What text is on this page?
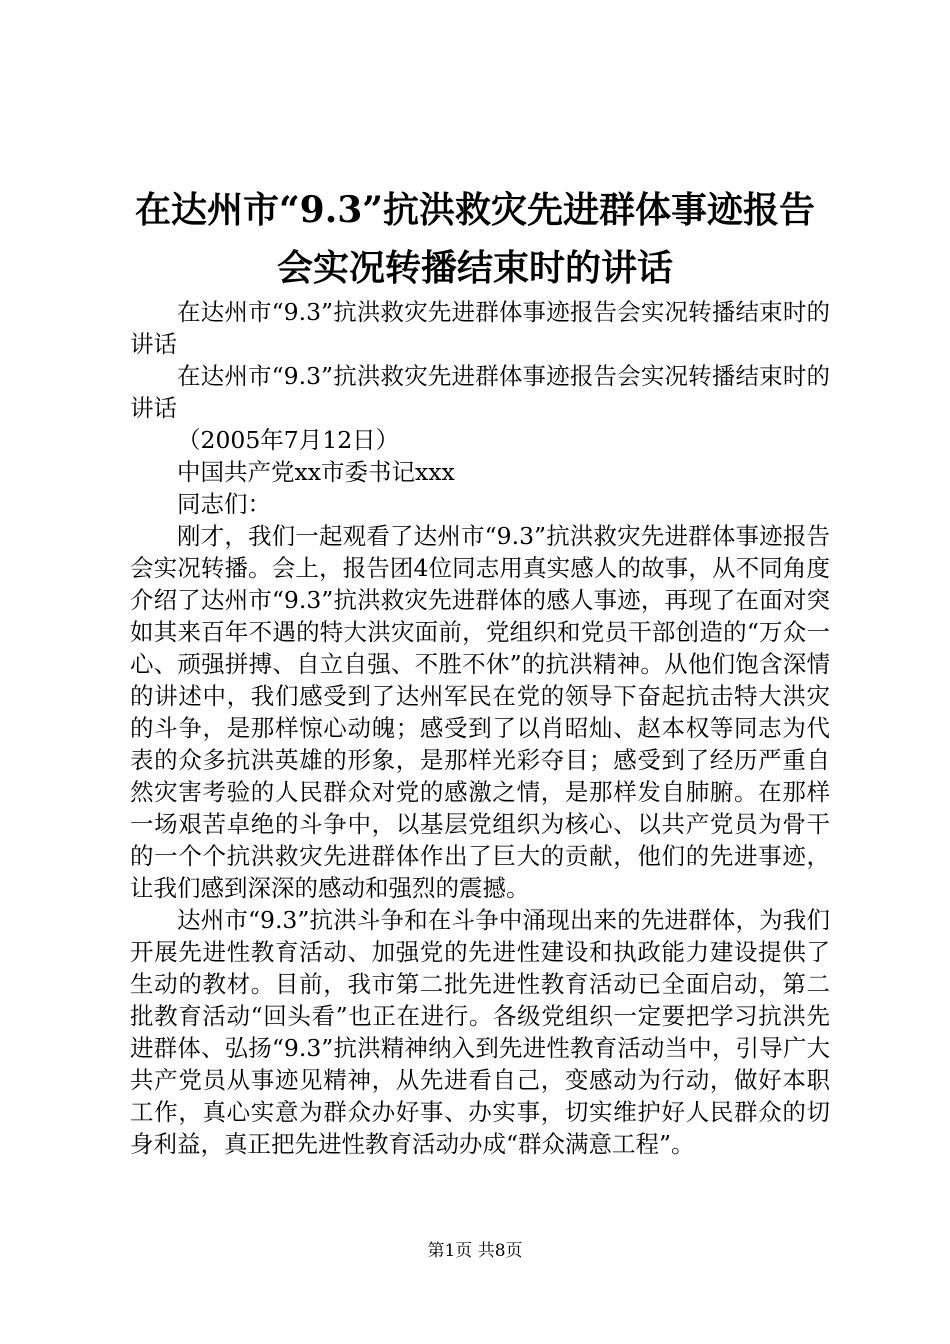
在达州市“9.3”抗洪救灾先进群体事迹报告
会实况转播结束时的讲话

在达州市“9.3”抗洪救灾先进群体事迹报告会实况转播结束时的讲话

在达州市“9.3”抗洪救灾先进群体事迹报告会实况转播结束时的讲话

（2005年7月12日）

中国共产党xx市委书记xxx

同志们：

刚才，我们一起观看了达州市“9.3”抗洪救灾先进群体事迹报告会实况转播。会上，报告团4位同志用真实感人的故事，从不同角度介绍了达州市“9.3”抗洪救灾先进群体的感人事迹，再现了在面对突如其来百年不遇的特大洪灾面前，党组织和党员干部创造的“万众一心、顽强拼搏、自立自强、不胜不休”的抗洪精神。从他们饱含深情的讲述中，我们感受到了达州军民在党的领导下奋起抗击特大洪灾的斗争，是那样惊心动魄；感受到了以肖昭灿、赵本权等同志为代表的众多抗洪英雄的形象，是那样光彩夺目；感受到了经历严重自然灾害考验的人民群众对党的感激之情，是那样发自肺腑。在那样一场艰苦卓绝的斗争中，以基层党组织为核心、以共产党员为骨干的一个个抗洪救灾先进群体作出了巨大的贡献，他们的先进事迹，让我们感到深深的感动和强烈的震撼。

达州市“9.3”抗洪斗争和在斗争中涌现出来的先进群体，为我们开展先进性教育活动、加强党的先进性建设和执政能力建设提供了生动的教材。目前，我市第二批先进性教育活动已全面启动，第二批教育活动“回头看”也正在进行。各级党组织一定要把学习抗洪先进群体、弘扬“9.3”抗洪精神纳入到先进性教育活动当中，引导广大共产党员从事迹见精神，从先进看自己，变感动为行动，做好本职工作，真心实意为群众办好事、办实事，切实维护好人民群众的切身利益，真正把先进性教育活动办成“群众满意工程”。

第1页 共8页
